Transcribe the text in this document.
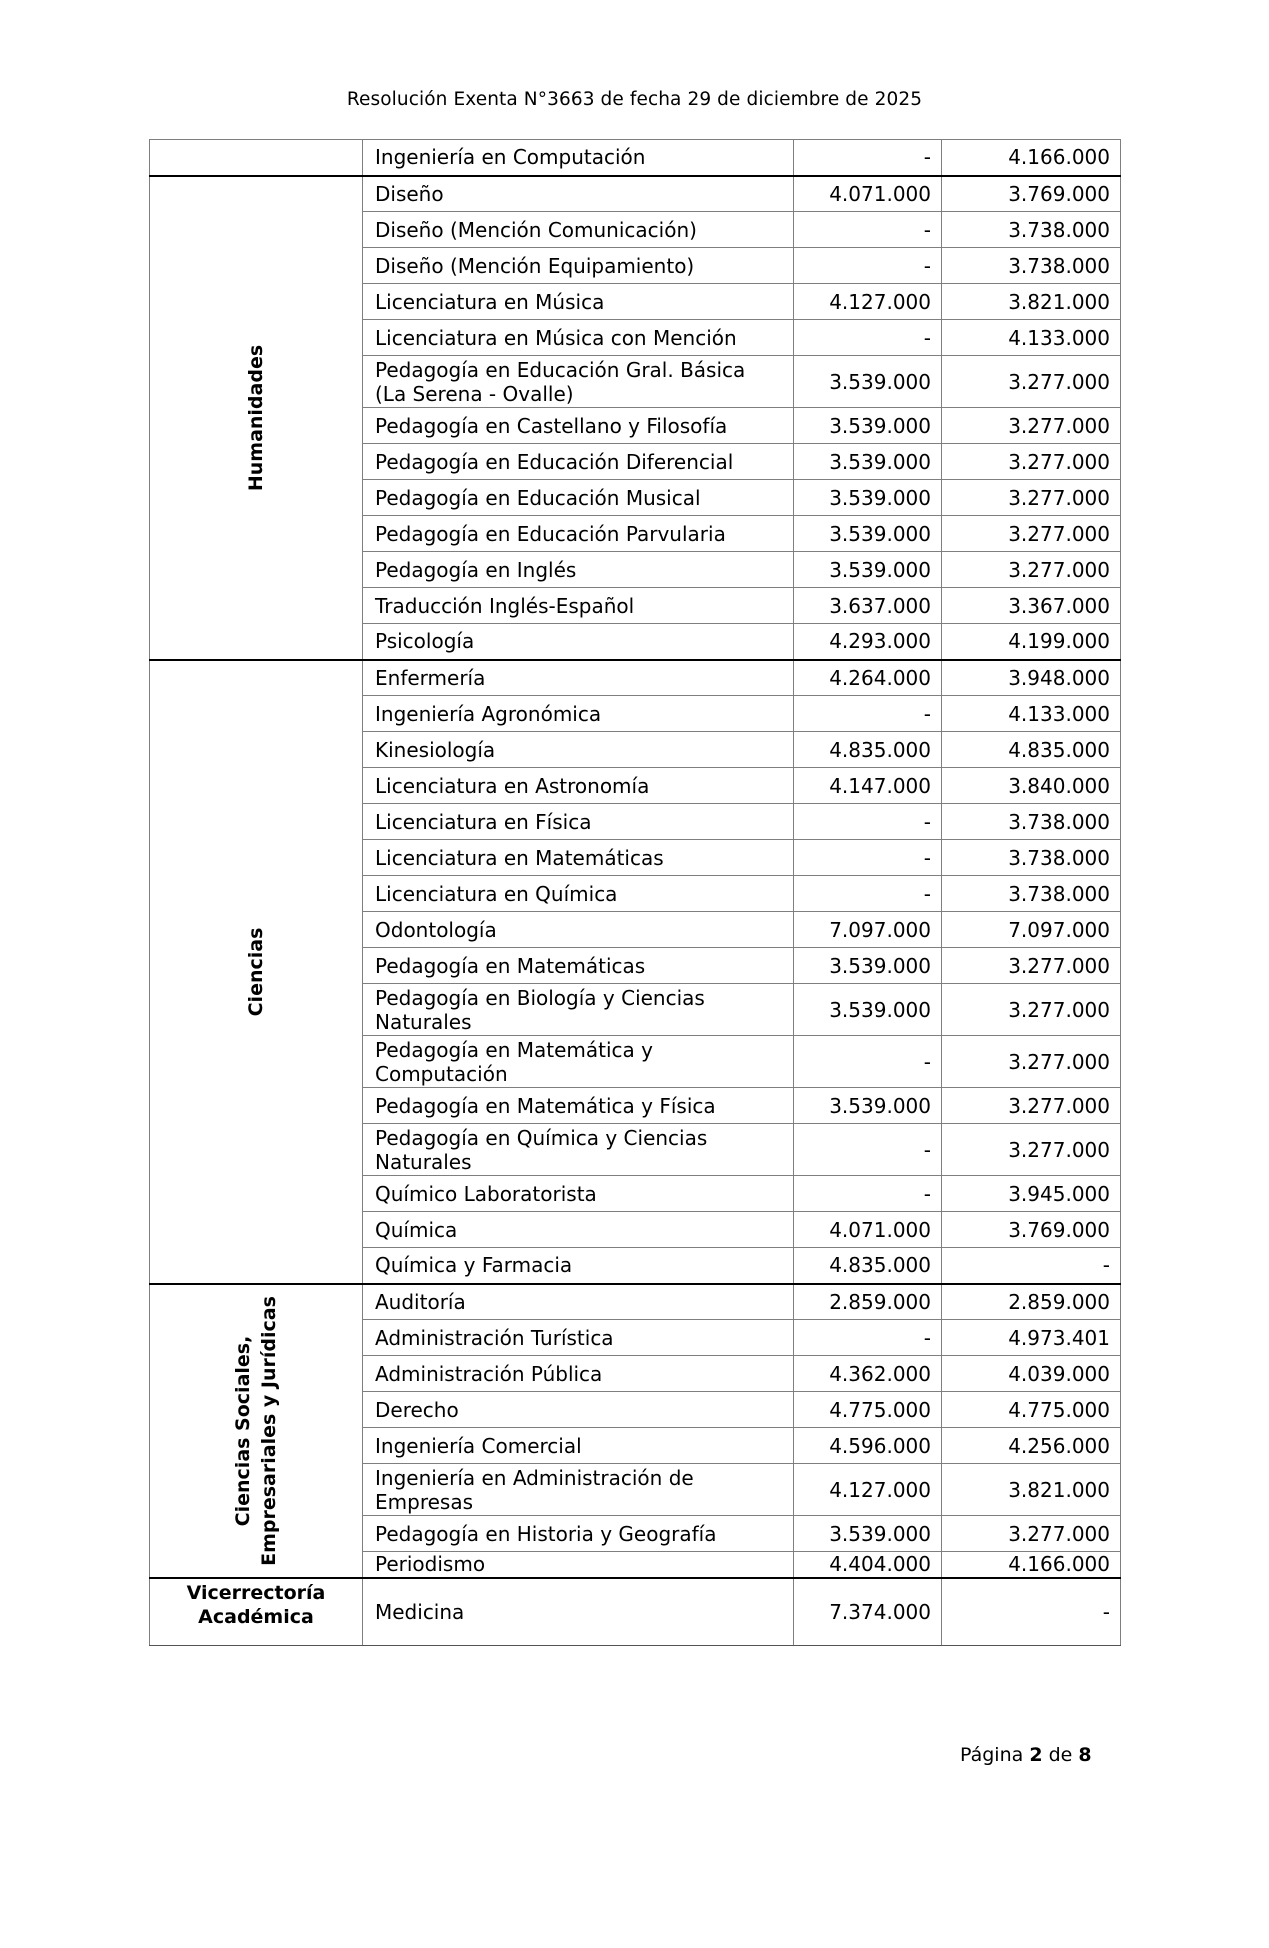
Resolución Exenta N°3663 de fecha 29 de diciembre de 2025
	Ingeniería en Computación	-	4.166.000

Humanidades	Diseño	4.071.000	3.769.000
	Diseño (Mención Comunicación)	-	3.738.000
	Diseño (Mención Equipamiento)	-	3.738.000
	Licenciatura en Música	4.127.000	3.821.000
	Licenciatura en Música con Mención	-	4.133.000
	Pedagogía en Educación Gral. Básica (La Serena - Ovalle)	3.539.000	3.277.000
	Pedagogía en Castellano y Filosofía	3.539.000	3.277.000
	Pedagogía en Educación Diferencial	3.539.000	3.277.000
	Pedagogía en Educación Musical	3.539.000	3.277.000
	Pedagogía en Educación Parvularia	3.539.000	3.277.000
	Pedagogía en Inglés	3.539.000	3.277.000
	Traducción Inglés-Español	3.637.000	3.367.000
	Psicología	4.293.000	4.199.000

Ciencias	Enfermería	4.264.000	3.948.000
	Ingeniería Agronómica	-	4.133.000
	Kinesiología	4.835.000	4.835.000
	Licenciatura en Astronomía	4.147.000	3.840.000
	Licenciatura en Física	-	3.738.000
	Licenciatura en Matemáticas	-	3.738.000
	Licenciatura en Química	-	3.738.000
	Odontología	7.097.000	7.097.000
	Pedagogía en Matemáticas	3.539.000	3.277.000
	Pedagogía en Biología y Ciencias Naturales	3.539.000	3.277.000
	Pedagogía en Matemática y Computación	-	3.277.000
	Pedagogía en Matemática y Física	3.539.000	3.277.000
	Pedagogía en Química y Ciencias Naturales	-	3.277.000
	Químico Laboratorista	-	3.945.000
	Química	4.071.000	3.769.000
	Química y Farmacia	4.835.000	-

Ciencias Sociales, Empresariales y Jurídicas	Auditoría	2.859.000	2.859.000
	Administración Turística	-	4.973.401
	Administración Pública	4.362.000	4.039.000
	Derecho	4.775.000	4.775.000
	Ingeniería Comercial	4.596.000	4.256.000
	Ingeniería en Administración de Empresas	4.127.000	3.821.000
	Pedagogía en Historia y Geografía	3.539.000	3.277.000
	Periodismo	4.404.000	4.166.000

Vicerrectoría
Académica	Medicina	7.374.000	-
Página 2 de 8
